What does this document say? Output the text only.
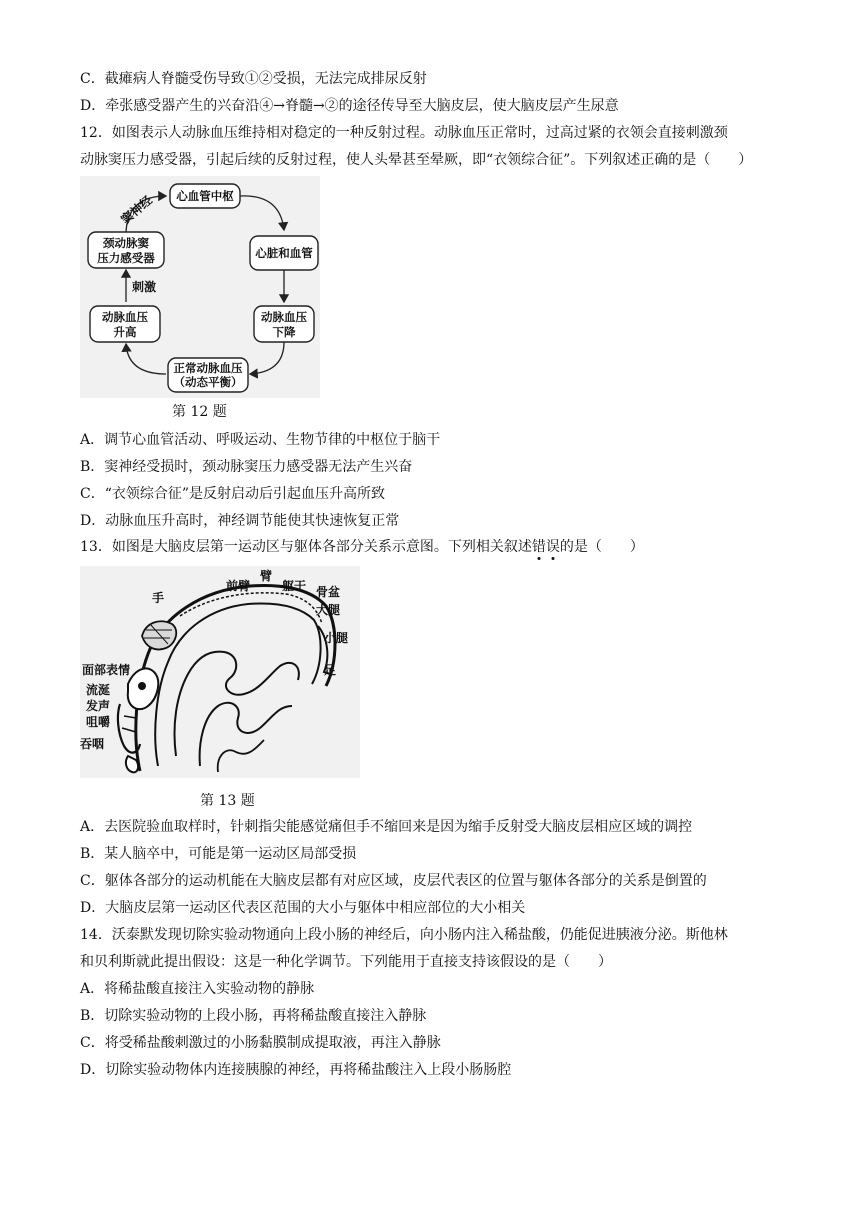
C．截瘫病人脊髓受伤导致①②受损，无法完成排尿反射
D．牵张感受器产生的兴奋沿④→脊髓→②的途径传导至大脑皮层，使大脑皮层产生尿意
12．如图表示人动脉血压维持相对稳定的一种反射过程。动脉血压正常时，过高过紧的衣领会直接刺激颈
动脉窦压力感受器，引起后续的反射过程，使人头晕甚至晕厥，即“衣领综合征”。下列叙述正确的是（　　）
心血管中枢
心脏和血管
动脉血压
下降
正常动脉血压
（动态平衡）
动脉血压
升高
颈动脉窦
压力感受器
窦神经
刺激
第 12 题
A．调节心血管活动、呼吸运动、生物节律的中枢位于脑干
B．窦神经受损时，颈动脉窦压力感受器无法产生兴奋
C．“衣领综合征”是反射启动后引起血压升高所致
D．动脉血压升高时，神经调节能使其快速恢复正常
13．如图是大脑皮层第一运动区与躯体各部分关系示意图。下列相关叙述错
误
的是（　　）
手
前臂
臂
躯干 骨盆
大腿
小腿
足
面部表情
流涎
发声
咀嚼
吞咽
第 13 题
A．去医院验血取样时，针刺指尖能感觉痛但手不缩回来是因为缩手反射受大脑皮层相应区域的调控
B．某人脑卒中，可能是第一运动区局部受损
C．躯体各部分的运动机能在大脑皮层都有对应区域，皮层代表区的位置与躯体各部分的关系是倒置的
D．大脑皮层第一运动区代表区范围的大小与躯体中相应部位的大小相关
14．沃泰默发现切除实验动物通向上段小肠的神经后，向小肠内注入稀盐酸，仍能促进胰液分泌。斯他林
和贝利斯就此提出假设：这是一种化学调节。下列能用于直接支持该假设的是（　　）
A．将稀盐酸直接注入实验动物的静脉
B．切除实验动物的上段小肠，再将稀盐酸直接注入静脉
C．将受稀盐酸刺激过的小肠黏膜制成提取液，再注入静脉
D．切除实验动物体内连接胰腺的神经，再将稀盐酸注入上段小肠肠腔
